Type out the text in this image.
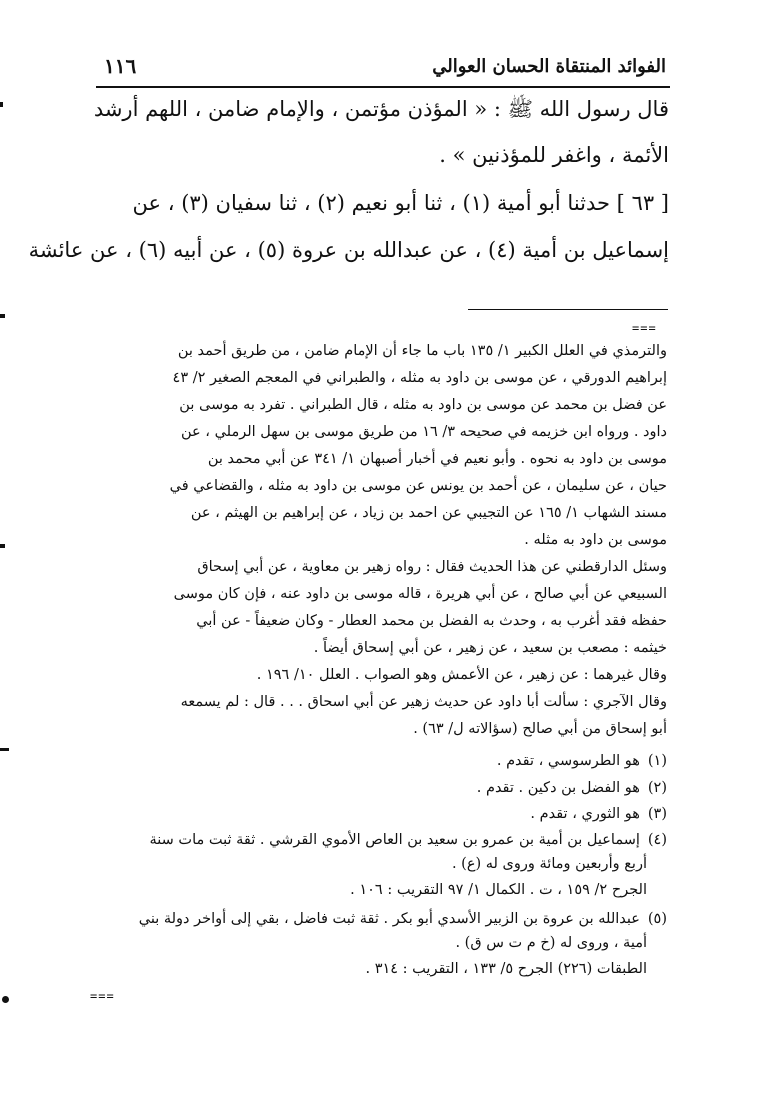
الفوائد المنتقاة الحسان العوالي
١١٦
قال رسول الله ﷺ : « المؤذن مؤتمن ، والإمام ضامن ، اللهم أرشد
الأئمة ، واغفر للمؤذنين » .
[ ٦٣ ] حدثنا أبو أمية (١) ، ثنا أبو نعيم (٢) ، ثنا سفيان (٣) ، عن
إسماعيل بن أمية (٤) ، عن عبدالله بن عروة (٥) ، عن أبيه (٦) ، عن عائشة
===
والترمذي في العلل الكبير ١/ ١٣٥ باب ما جاء أن الإمام ضامن ، من طريق أحمد بن
إبراهيم الدورقي ، عن موسى بن داود به مثله ، والطبراني في المعجم الصغير ٢/ ٤٣
عن فضل بن محمد عن موسى بن داود به مثله ، قال الطبراني . تفرد به موسى بن
داود . ورواه ابن خزيمه في صحيحه ٣/ ١٦ من طريق موسى بن سهل الرملي ، عن
موسى بن داود به نحوه . وأبو نعيم في أخبار أصبهان ١/ ٣٤١ عن أبي محمد بن
حيان ، عن سليمان ، عن أحمد بن يونس عن موسى بن داود به مثله ، والقضاعي في
مسند الشهاب ١/ ١٦٥ عن التجيبي عن احمد بن زياد ، عن إبراهيم بن الهيثم ، عن
موسى بن داود به مثله .
وسئل الدارقطني عن هذا الحديث فقال : رواه زهير بن معاوية ، عن أبي إسحاق
السبيعي عن أبي صالح ، عن أبي هريرة ، قاله موسى بن داود عنه ، فإن كان موسى
حفظه فقد أغرب به ، وحدث به الفضل بن محمد العطار - وكان ضعيفاً - عن أبي
خيثمه : مصعب بن سعيد ، عن زهير ، عن أبي إسحاق أيضاً .
وقال غيرهما : عن زهير ، عن الأعمش وهو الصواب . العلل ١٠/ ١٩٦ .
وقال الآجري : سألت أبا داود عن حديث زهير عن أبي اسحاق . . . قال : لم يسمعه
أبو إسحاق من أبي صالح (سؤالاته ل/ ٦٣) .
(١) هو الطرسوسي ، تقدم .
(٢) هو الفضل بن دكين . تقدم .
(٣) هو الثوري ، تقدم .
(٤) إسماعيل بن أمية بن عمرو بن سعيد بن العاص الأموي القرشي . ثقة ثبت مات سنة
أربع وأربعين ومائة وروى له (ع) .
الجرح ٢/ ١٥٩ ، ت . الكمال ١/ ٩٧ التقريب : ١٠٦ .
(٥) عبدالله بن عروة بن الزبير الأسدي أبو بكر . ثقة ثبت فاضل ، بقي إلى أواخر دولة بني
أمية ، وروى له (خ م ت س ق) .
الطبقات (٢٢٦) الجرح ٥/ ١٣٣ ، التقريب : ٣١٤ .
===
